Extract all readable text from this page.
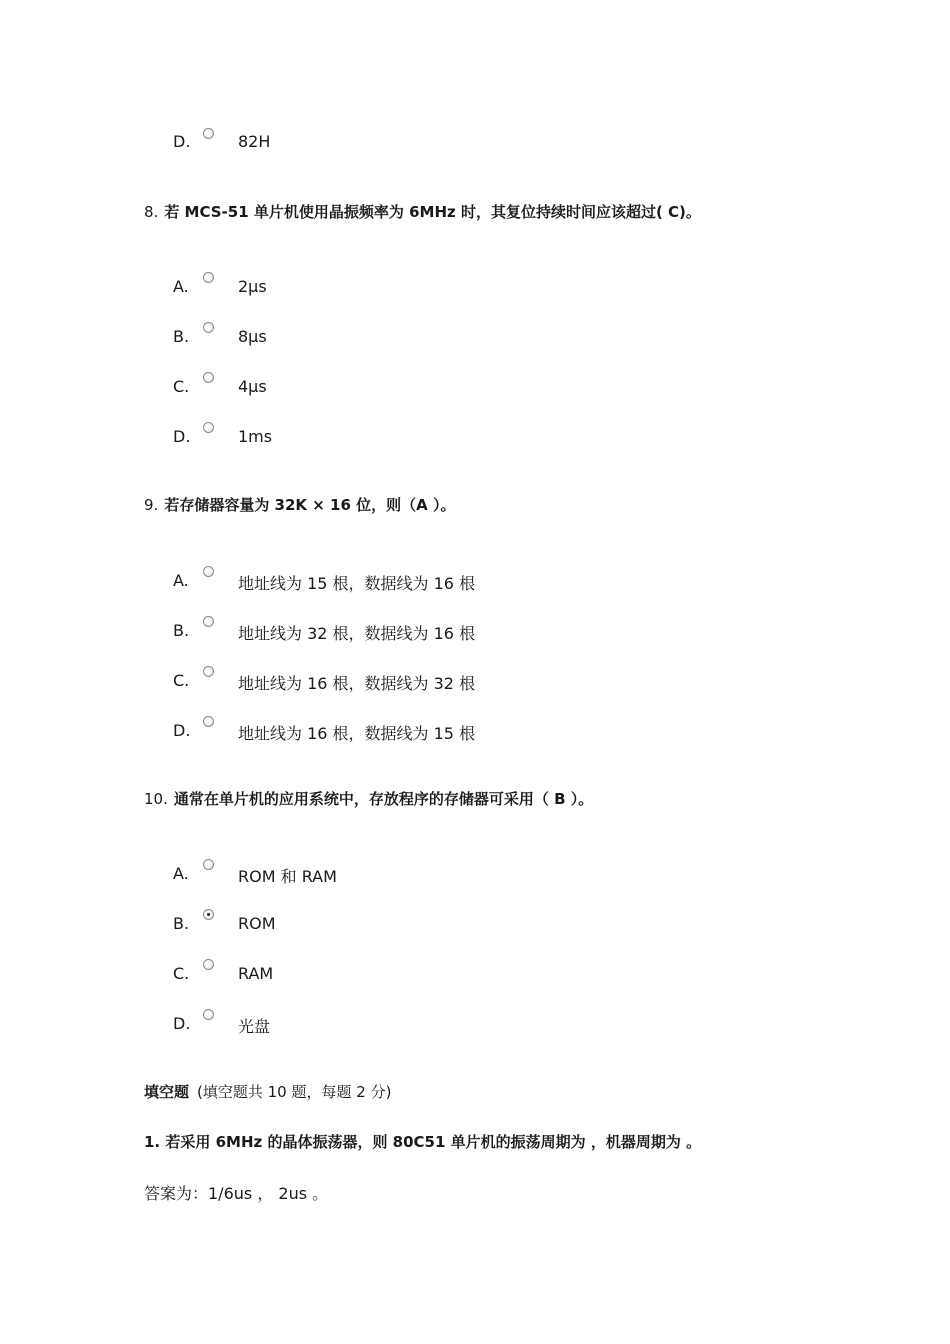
D.	82H
8. 若 MCS-51 单片机使用晶振频率为 6MHz 时，其复位持续时间应该超过( C)。
A.	2μs
B.	8μs
C.	4μs
D.	1ms
9. 若存储器容量为 32K × 16 位，则（A ）。
A.	地址线为 15 根，数据线为 16 根
B.	地址线为 32 根，数据线为 16 根
C.	地址线为 16 根，数据线为 32 根
D.	地址线为 16 根，数据线为 15 根
10. 通常在单片机的应用系统中，存放程序的存储器可采用（ B ）。
A.	ROM 和 RAM
B.	ROM
C.	RAM
D.	光盘
填空题 (填空题共 10 题，每题 2 分)
1. 若采用 6MHz 的晶体振荡器，则 80C51 单片机的振荡周期为 ，机器周期为 。
答案为：1/6us ， 2us 。
